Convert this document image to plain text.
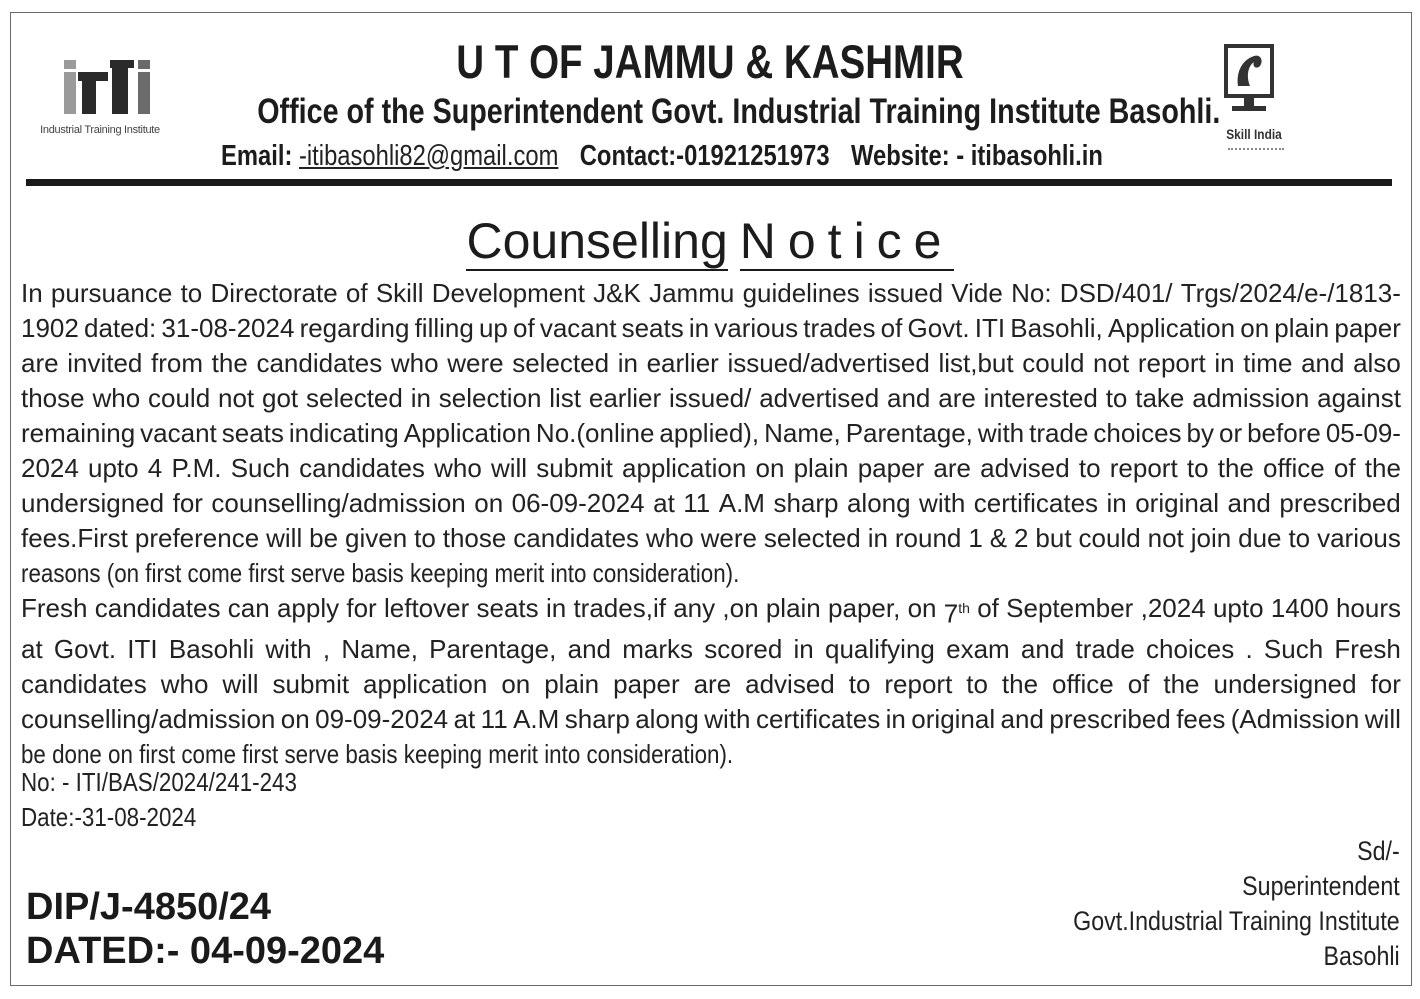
Industrial Training Institute	Skill India
U T OF JAMMU & KASHMIR
Office of the Superintendent Govt. Industrial Training Institute Basohli.
Email: -itibasohli82@gmail.com Contact:-01921251973 Website: - itibasohli.in
Counselling Notice
In pursuance to Directorate of Skill Development J&K Jammu guidelines issued Vide No: DSD/401/ Trgs/2024/e-/1813-
1902 dated: 31-08-2024 regarding filling up of vacant seats in various trades of Govt. ITI Basohli, Application on plain paper
are invited from the candidates who were selected in earlier issued/advertised list,but could not report in time and also
those who could not got selected in selection list earlier issued/ advertised and are interested to take admission against
remaining vacant seats indicating Application No.(online applied), Name, Parentage, with trade choices by or before 05-09-
2024 upto 4 P.M. Such candidates who will submit application on plain paper are advised to report to the office of the
undersigned for counselling/admission on 06-09-2024 at 11 A.M sharp along with certificates in original and prescribed
fees.First preference will be given to those candidates who were selected in round 1 & 2 but could not join due to various
reasons (on first come first serve basis keeping merit into consideration).
Fresh candidates can apply for leftover seats in trades,if any ,on plain paper, on 7th of September ,2024 upto 1400 hours
at Govt. ITI Basohli with , Name, Parentage, and marks scored in qualifying exam and trade choices . Such Fresh
candidates who will submit application on plain paper are advised to report to the office of the undersigned for
counselling/admission on 09-09-2024 at 11 A.M sharp along with certificates in original and prescribed fees (Admission will
be done on first come first serve basis keeping merit into consideration).
No: - ITI/BAS/2024/241-243
Date:-31-08-2024
DIP/J-4850/24
DATED:- 04-09-2024
Sd/-
Superintendent
Govt.Industrial Training Institute
Basohli
